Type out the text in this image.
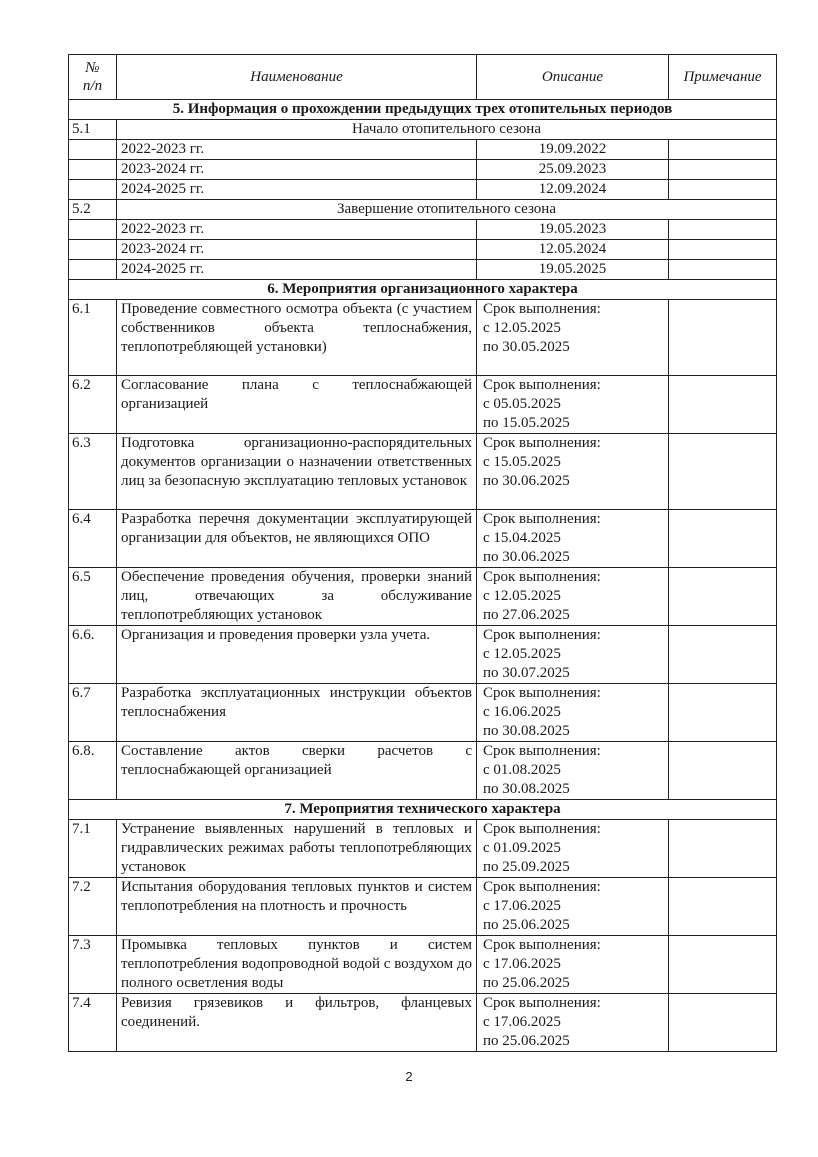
№
п/п	Наименование	Описание	Примечание
5. Информация о прохождении предыдущих трех отопительных периодов			
5.1	Начало отопительного сезона		
	2022-2023 гг.	19.09.2022	
	2023-2024 гг.	25.09.2023	
	2024-2025 гг.	12.09.2024	
5.2	Завершение отопительного сезона		
	2022-2023 гг.	19.05.2023	
	2023-2024 гг.	12.05.2024	
	2024-2025 гг.	19.05.2025	
6. Мероприятия организационного характера			
6.1	Проведение совместного осмотра объекта (с участием собственников объекта теплоснабжения, теплопотребляющей установки)	Срок выполнения:
с 12.05.2025
по 30.05.2025	
6.2	Согласование плана с теплоснабжающей организацией	Срок выполнения:
с 05.05.2025
по 15.05.2025	
6.3	Подготовка организационно-распорядительных документов организации о назначении ответственных лиц за безопасную эксплуатацию тепловых установок	Срок выполнения:
с 15.05.2025
по 30.06.2025	
6.4	Разработка перечня документации эксплуатирующей организации для объектов, не являющихся ОПО	Срок выполнения:
с 15.04.2025
по 30.06.2025	
6.5	Обеспечение проведения обучения, проверки знаний лиц, отвечающих за обслуживание теплопотребляющих установок	Срок выполнения:
с 12.05.2025
по 27.06.2025	
6.6.	Организация и проведения проверки узла учета.	Срок выполнения:
с 12.05.2025
по 30.07.2025	
6.7	Разработка эксплуатационных инструкции объектов теплоснабжения	Срок выполнения:
с 16.06.2025
по 30.08.2025	
6.8.	Составление актов сверки расчетов с теплоснабжающей организацией	Срок выполнения:
с 01.08.2025
по 30.08.2025	
7. Мероприятия технического характера			
7.1	Устранение выявленных нарушений в тепловых и гидравлических режимах работы теплопотребляющих установок	Срок выполнения:
с 01.09.2025
по 25.09.2025	
7.2	Испытания оборудования тепловых пунктов и систем теплопотребления на плотность и прочность	Срок выполнения:
с 17.06.2025
по 25.06.2025	
7.3	Промывка тепловых пунктов и систем теплопотребления водопроводной водой с воздухом до полного осветления воды	Срок выполнения:
с 17.06.2025
по 25.06.2025	
7.4	Ревизия грязевиков и фильтров, фланцевых соединений.	Срок выполнения:
с 17.06.2025
по 25.06.2025	
2
